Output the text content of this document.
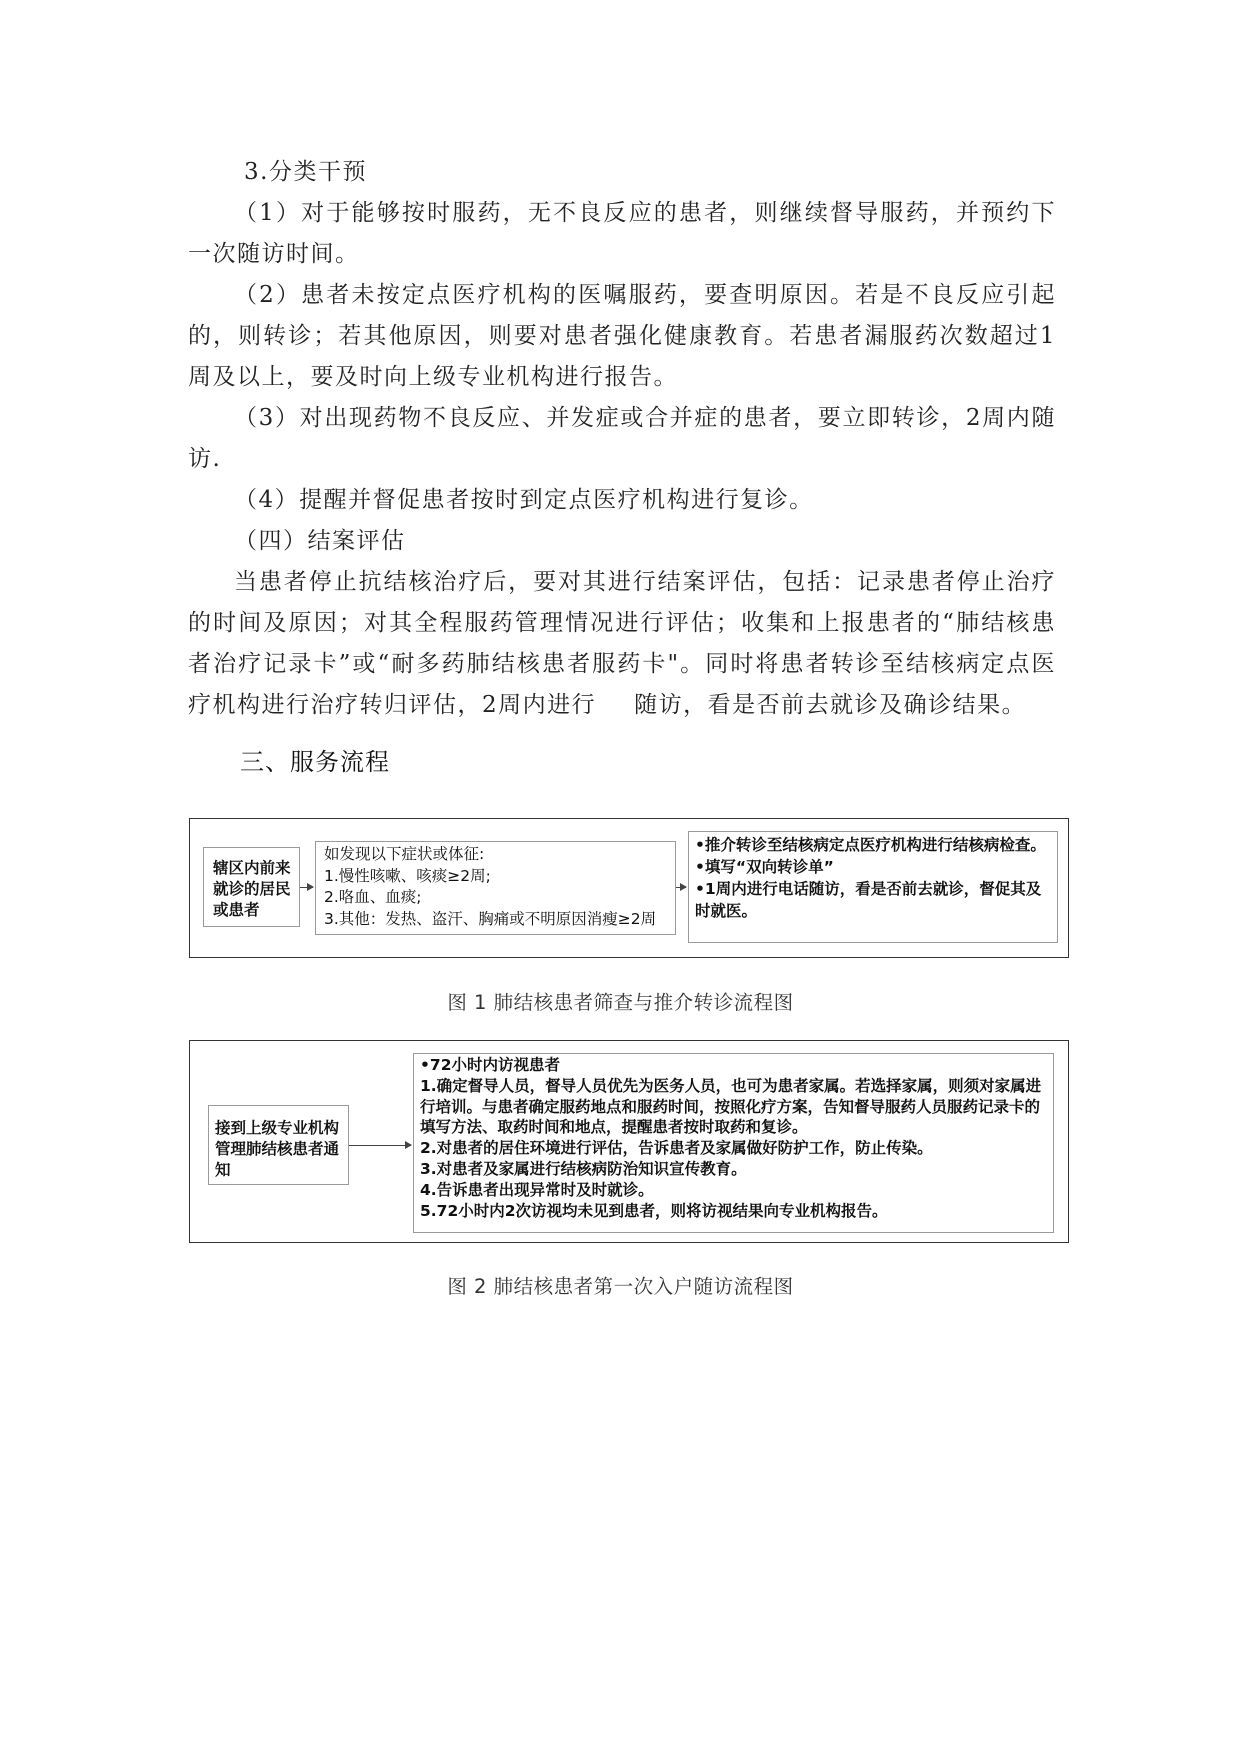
3.分类干预

（1）对于能够按时服药，无不良反应的患者，则继续督导服药，并预约下一次随访时间。

（2）患者未按定点医疗机构的医嘱服药，要查明原因。若是不良反应引起的，则转诊；若其他原因，则要对患者强化健康教育。若患者漏服药次数超过1周及以上，要及时向上级专业机构进行报告。

（3）对出现药物不良反应、并发症或合并症的患者，要立即转诊，2周内随访.

（4）提醒并督促患者按时到定点医疗机构进行复诊。

（四）结案评估

当患者停止抗结核治疗后，要对其进行结案评估，包括：记录患者停止治疗的时间及原因；对其全程服药管理情况进行评估；收集和上报患者的“肺结核患者治疗记录卡”或“耐多药肺结核患者服药卡"。同时将患者转诊至结核病定点医疗机构进行治疗转归评估，2周内进行 随访，看是否前去就诊及确诊结果。

三、服务流程
辖区内前来
就诊的居民
或患者
如发现以下症状或体征:
1.慢性咳嗽、咳痰≥2周;
2.咯血、血痰;
3.其他：发热、盗汗、胸痛或不明原因消瘦≥2周
•推介转诊至结核病定点医疗机构进行结核病检查。
•填写“双向转诊单”
•1周内进行电话随访，看是否前去就诊，督促其及时就医。
图 1 肺结核患者筛查与推介转诊流程图
接到上级专业机构
管理肺结核患者通
知
•72小时内访视患者
1.确定督导人员，督导人员优先为医务人员，也可为患者家属。若选择家属，则须对家属进行培训。与患者确定服药地点和服药时间，按照化疗方案，告知督导服药人员服药记录卡的填写方法、取药时间和地点，提醒患者按时取药和复诊。
2.对患者的居住环境进行评估，告诉患者及家属做好防护工作，防止传染。
3.对患者及家属进行结核病防治知识宣传教育。
4.告诉患者出现异常时及时就诊。
5.72小时内2次访视均未见到患者，则将访视结果向专业机构报告。
图 2 肺结核患者第一次入户随访流程图
